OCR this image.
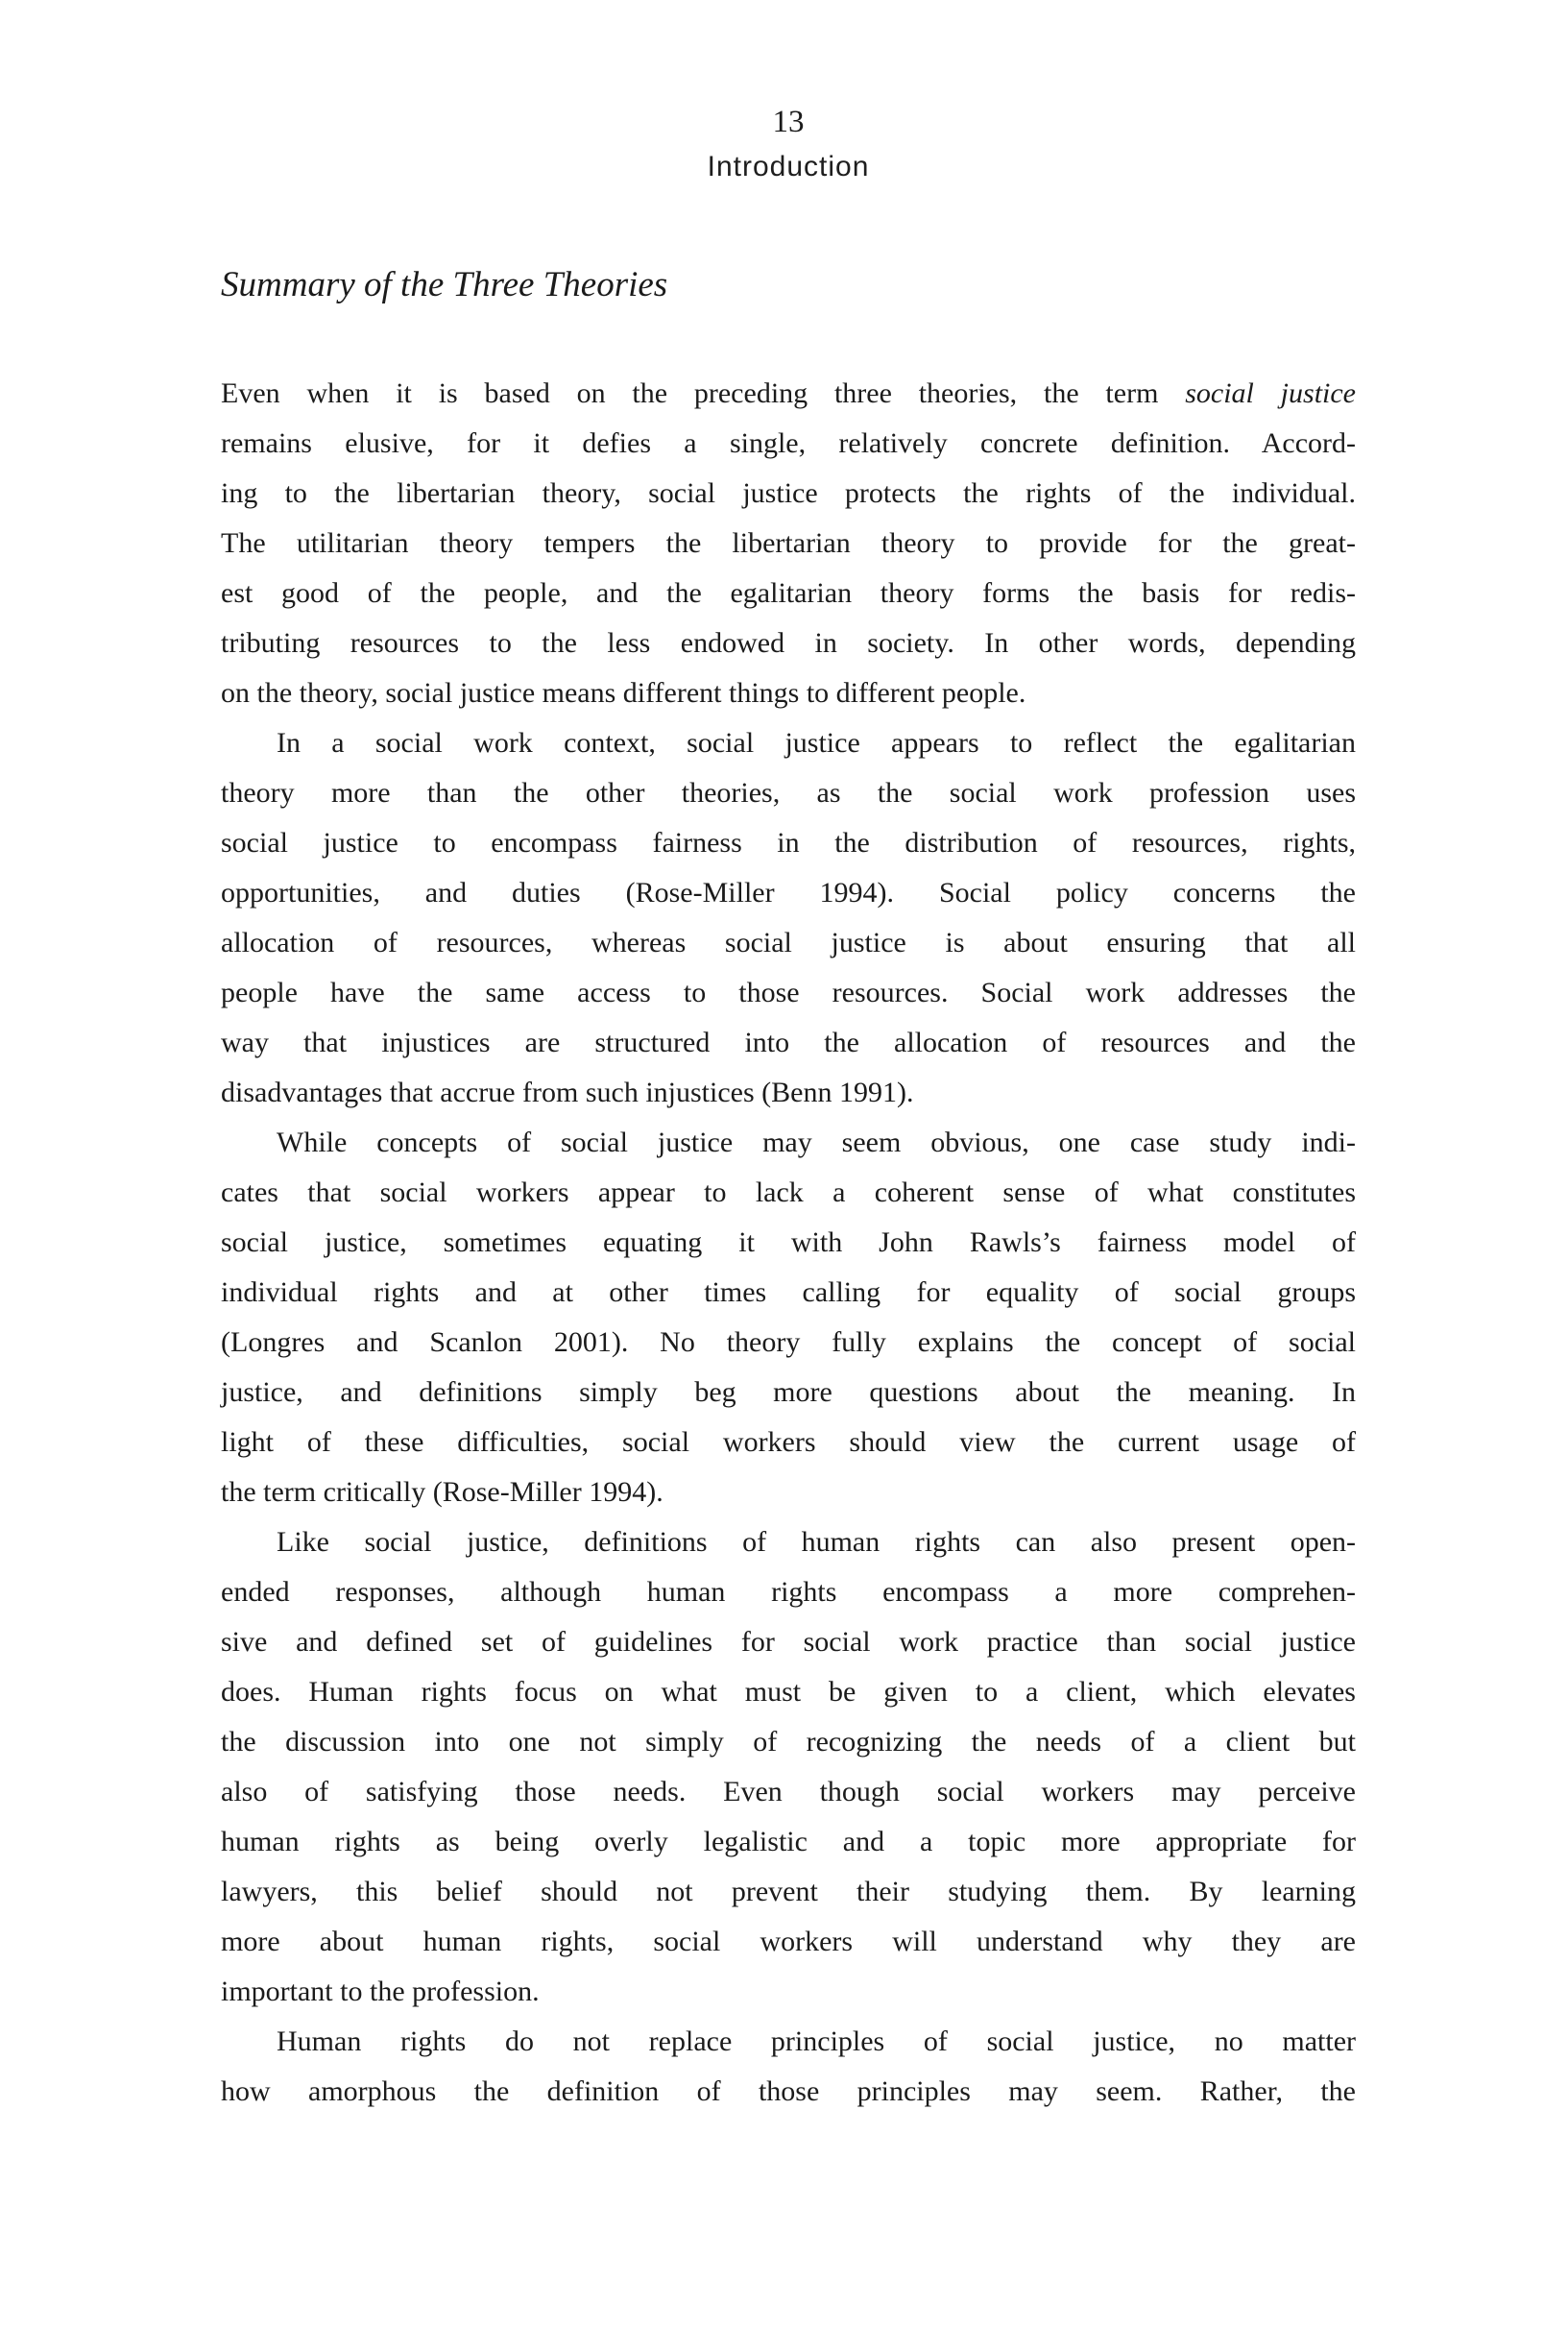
13
Introduction
Summary of the Three Theories
Even when it is based on the preceding three theories, the term social justice
remains elusive, for it defies a single, relatively concrete definition. Accord-
ing to the libertarian theory, social justice protects the rights of the individual.
The utilitarian theory tempers the libertarian theory to provide for the great-
est good of the people, and the egalitarian theory forms the basis for redis-
tributing resources to the less endowed in society. In other words, depending
on the theory, social justice means different things to different people.
In a social work context, social justice appears to reflect the egalitarian
theory more than the other theories, as the social work profession uses
social justice to encompass fairness in the distribution of resources, rights,
opportunities, and duties (Rose-Miller 1994). Social policy concerns the
allocation of resources, whereas social justice is about ensuring that all
people have the same access to those resources. Social work addresses the
way that injustices are structured into the allocation of resources and the
disadvantages that accrue from such injustices (Benn 1991).
While concepts of social justice may seem obvious, one case study indi-
cates that social workers appear to lack a coherent sense of what constitutes
social justice, sometimes equating it with John Rawls’s fairness model of
individual rights and at other times calling for equality of social groups
(Longres and Scanlon 2001). No theory fully explains the concept of social
justice, and definitions simply beg more questions about the meaning. In
light of these difficulties, social workers should view the current usage of
the term critically (Rose-Miller 1994).
Like social justice, definitions of human rights can also present open-
ended responses, although human rights encompass a more comprehen-
sive and defined set of guidelines for social work practice than social justice
does. Human rights focus on what must be given to a client, which elevates
the discussion into one not simply of recognizing the needs of a client but
also of satisfying those needs. Even though social workers may perceive
human rights as being overly legalistic and a topic more appropriate for
lawyers, this belief should not prevent their studying them. By learning
more about human rights, social workers will understand why they are
important to the profession.
Human rights do not replace principles of social justice, no matter
how amorphous the definition of those principles may seem. Rather, the
